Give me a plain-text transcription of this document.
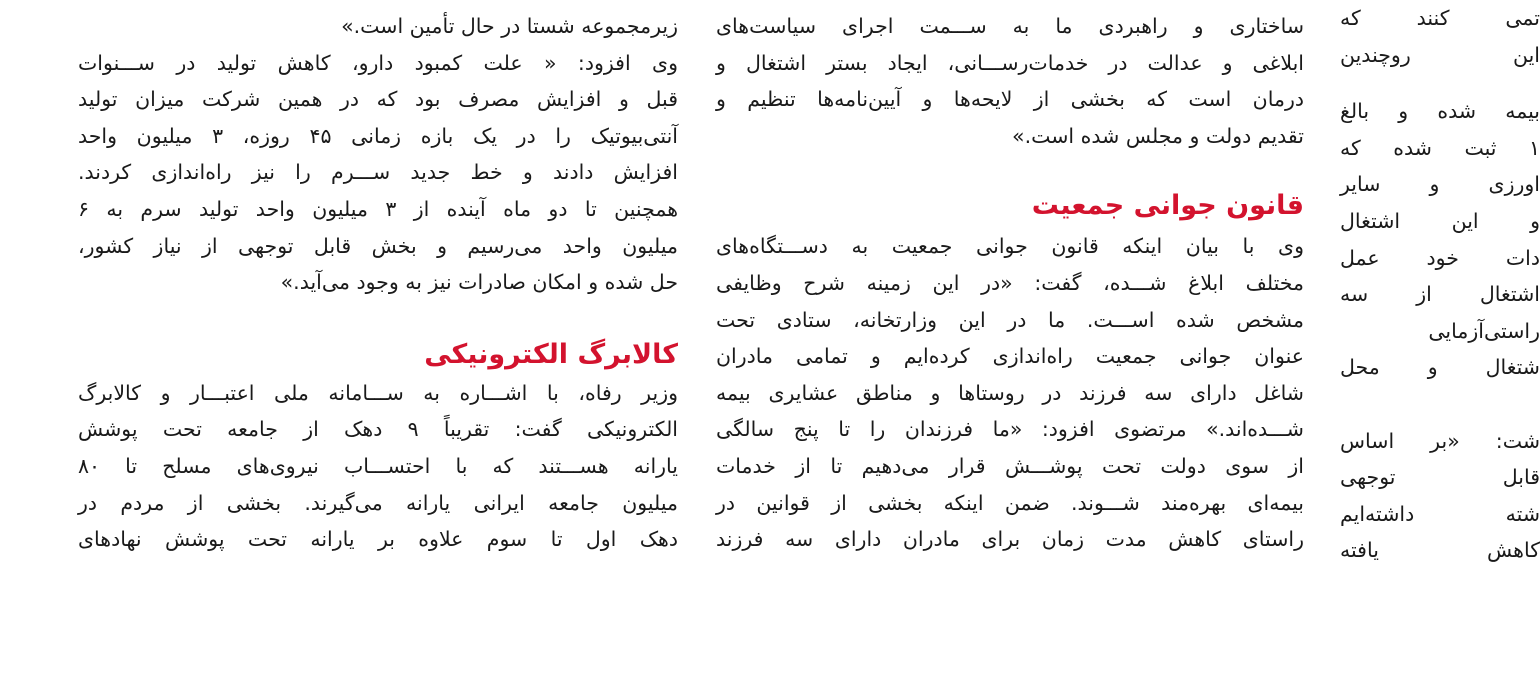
تمی کنند که
این روچندین
بیمه شده و بالغ
۱ ثبت شده که
اورزی و سایر
و این اشتغال
دات خود عمل
اشتغال از سه
راستی‌آزمایی
شتغال و محل
شت: «بر اساس
قابل توجهی
شته داشته‌ایم
کاهش یافته
ساختاری و راهبردی ما به ســـمت اجرای سیاست‌های
ابلاغی و عدالت در خدمات‌رســـانی، ایجاد بستر اشتغال و
درمان است که بخشی از لایحه‌ها و آیین‌نامه‌ها تنظیم و
تقدیم دولت و مجلس شده است.»
قانون جوانی جمعیت
وی با بیان اینکه قانون جوانی جمعیت به دســـتگاه‌های
مختلف ابلاغ شـــده، گفت: «در این زمینه شرح وظایفی
مشخص شده اســـت. ما در این وزارتخانه، ستادی تحت
عنوان جوانی جمعیت راه‌اندازی کرده‌ایم و تمامی مادران
شاغل دارای سه فرزند در روستاها و مناطق عشایری بیمه
شـــده‌اند.» مرتضوی افزود: «ما فرزندان را تا پنج سالگی
از سوی دولت تحت پوشـــش قرار می‌دهیم تا از خدمات
بیمه‌ای بهره‌مند شـــوند. ضمن اینکه بخشی از قوانین در
راستای کاهش مدت زمان برای مادران دارای سه فرزند
زیرمجموعه شستا در حال تأمین است.»
وی افزود: « علت کمبود دارو، کاهش تولید در ســـنوات
قبل و افزایش مصرف بود که در همین شرکت میزان تولید
آنتی‌بیوتیک را در یک بازه زمانی ۴۵ روزه، ۳ میلیون واحد
افزایش دادند و خط جدید ســـرم را نیز راه‌اندازی کردند.
همچنین تا دو ماه آینده از ۳ میلیون واحد تولید سرم به ۶
میلیون واحد می‌رسیم و بخش قابل توجهی از نیاز کشور،
حل شده و امکان صادرات نیز به وجود می‌آید.»
کالابرگ الکترونیکی
وزیر رفاه، با اشـــاره به ســـامانه ملی اعتبـــار و کالابرگ
الکترونیکی گفت: تقریباً ۹ دهک از جامعه تحت پوشش
یارانه هســـتند که با احتســـاب نیروی‌های مسلح تا ۸۰
میلیون جامعه ایرانی یارانه می‌گیرند. بخشی از مردم در
دهک اول تا سوم علاوه بر یارانه تحت پوشش نهادهای
